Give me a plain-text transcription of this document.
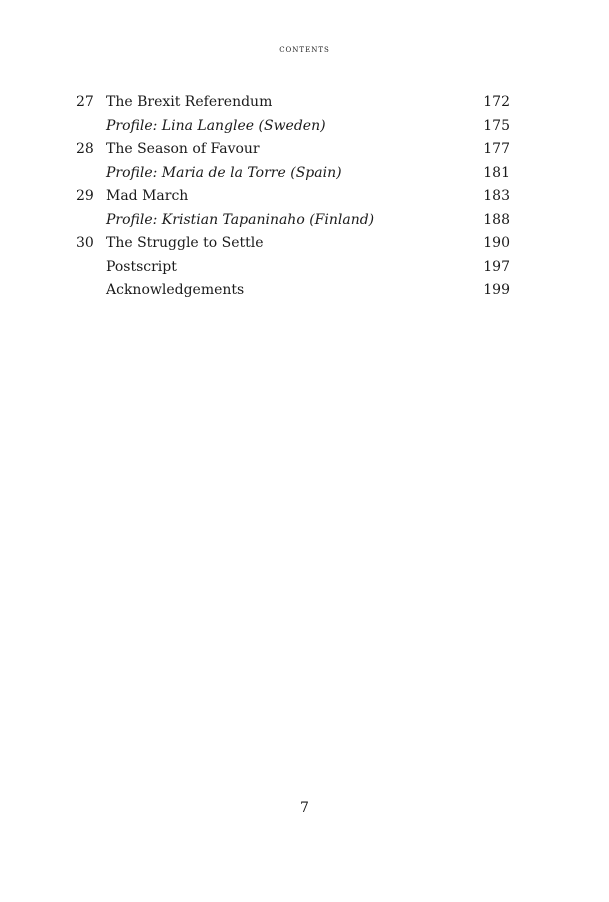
contents
27 The Brexit Referendum	172
Profile: Lina Langlee (Sweden)	175
28 The Season of Favour	177
Profile: Maria de la Torre (Spain)	181
29 Mad March	183
Profile: Kristian Tapaninaho (Finland)	188
30 The Struggle to Settle	190
Postscript	197
Acknowledgements	199
7
